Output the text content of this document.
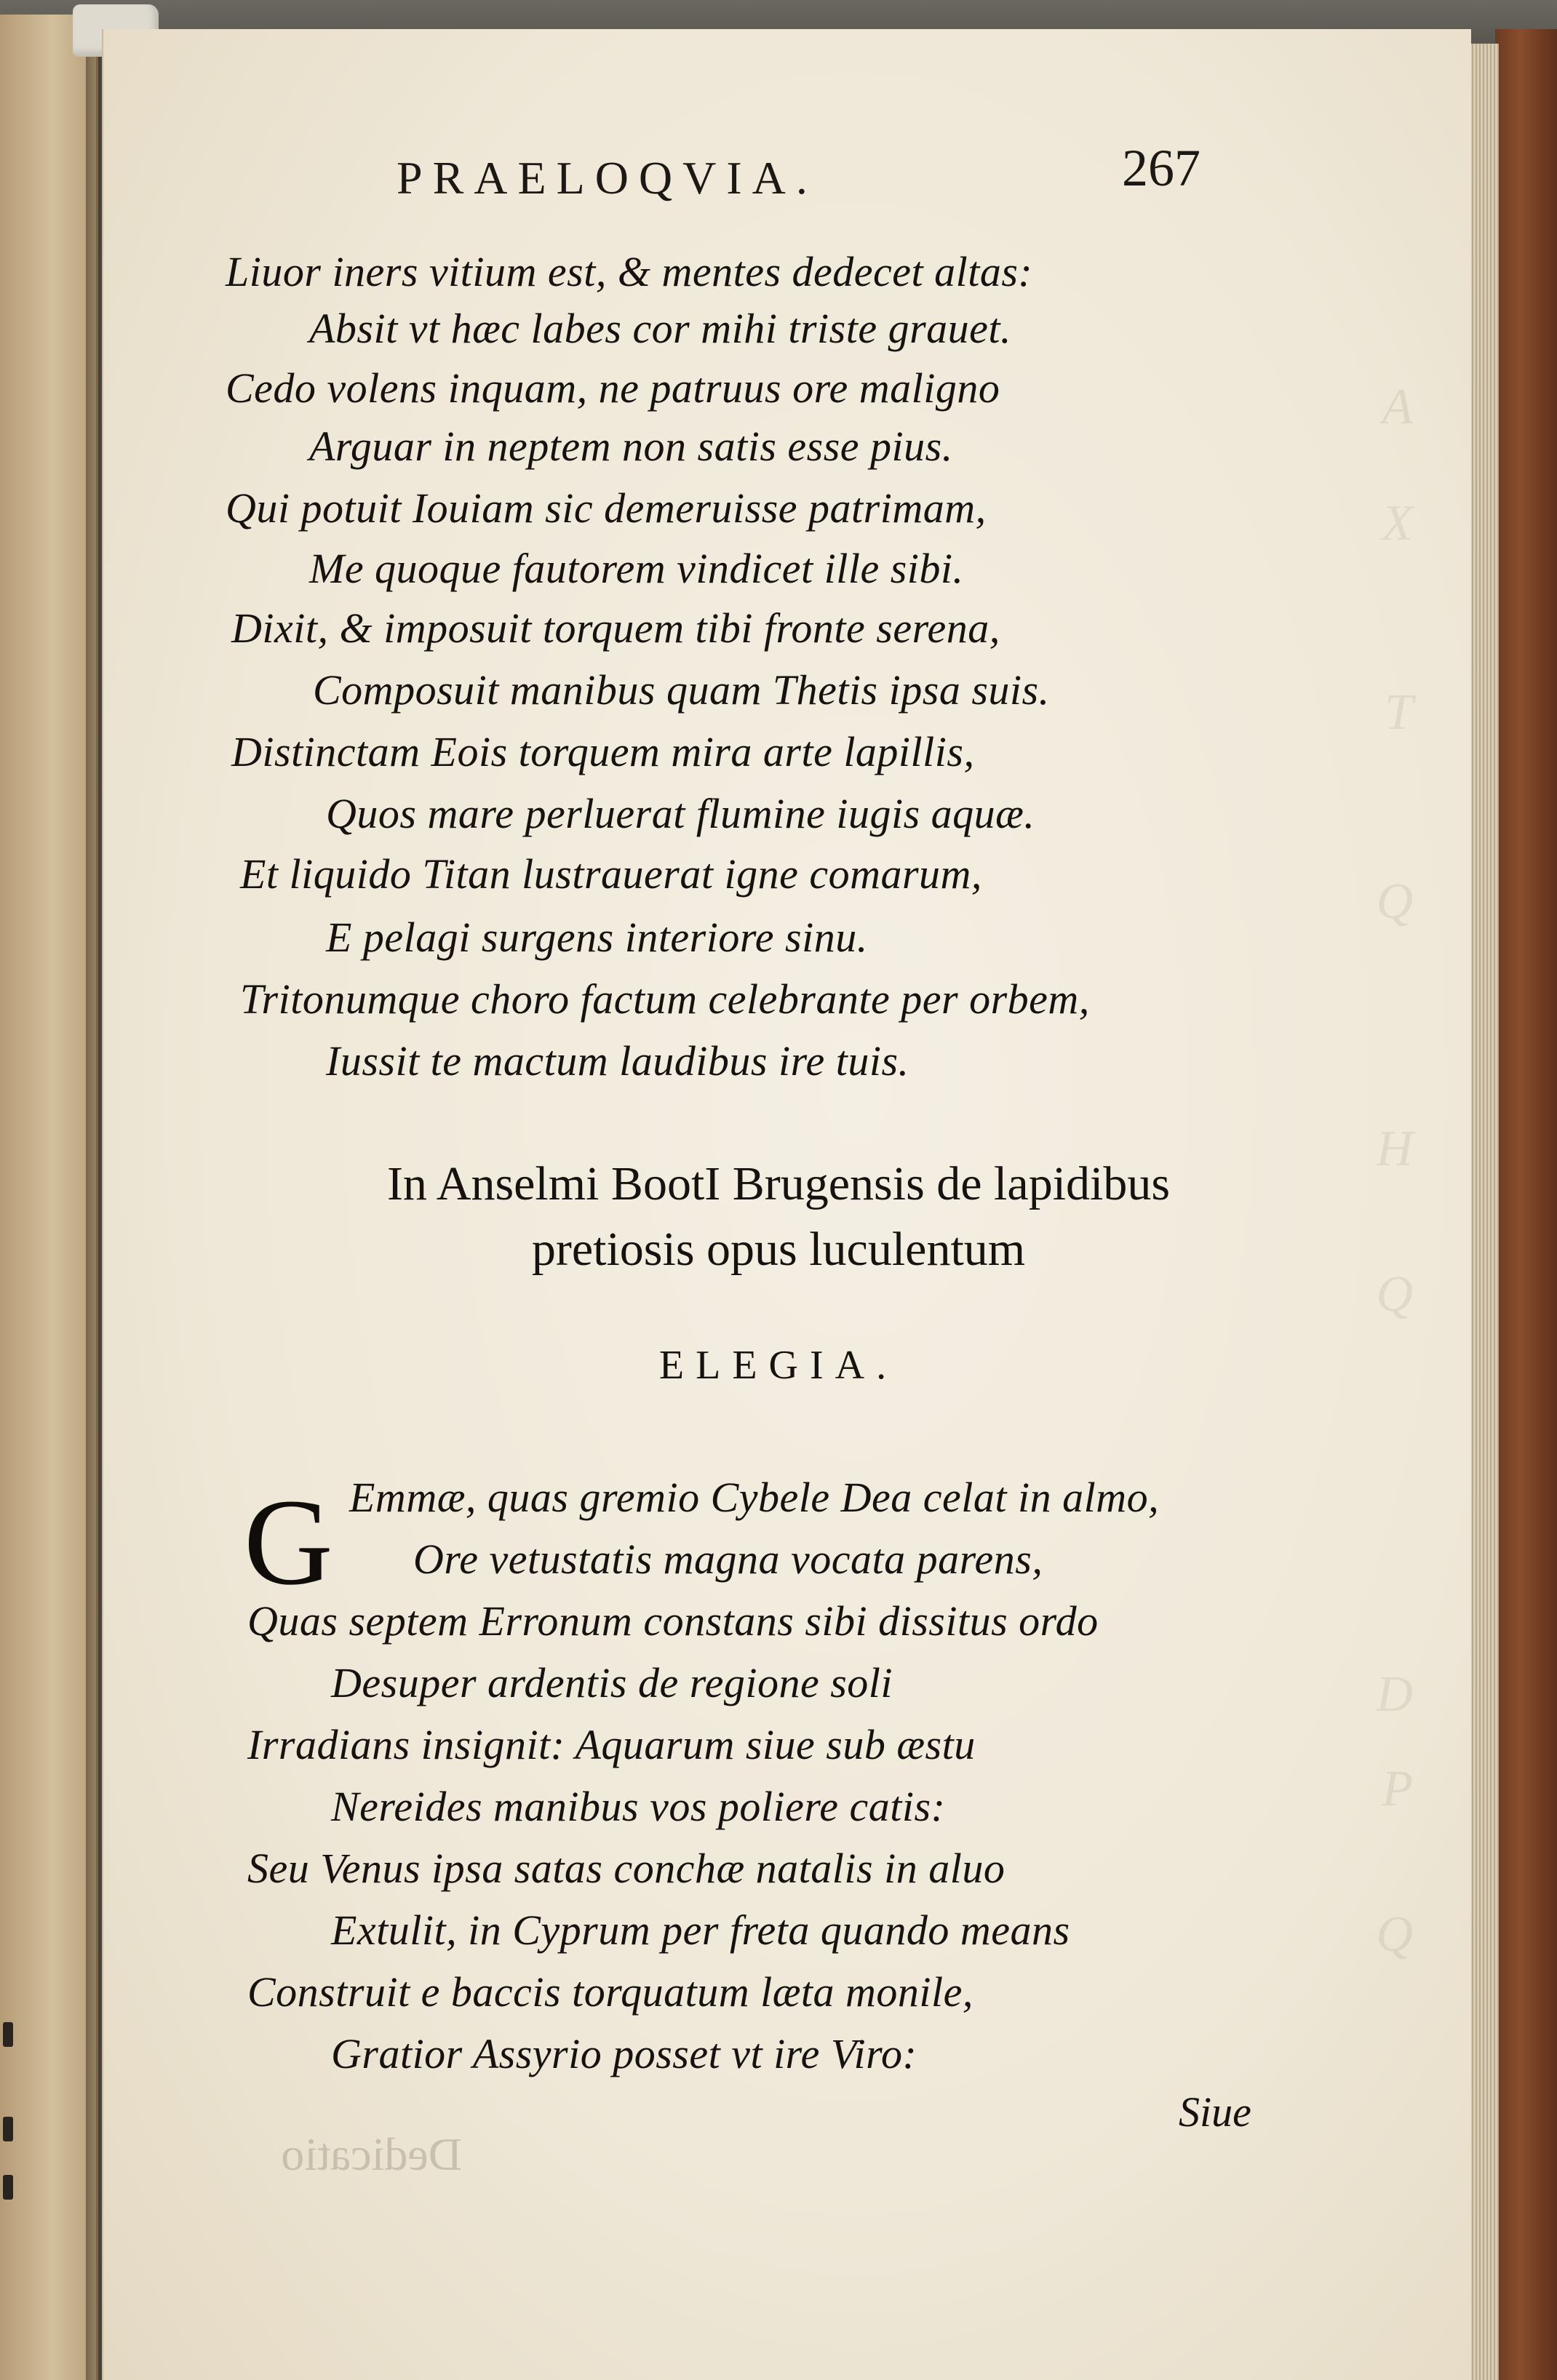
A
X
T
Q
H
Q
D
P
Q
PRAELOQVIA.	267
Liuor iners vitium est, & mentes dedecet altas:
Absit vt hæc labes cor mihi triste grauet.
Cedo volens inquam, ne patruus ore maligno
Arguar in neptem non satis esse pius.
Qui potuit Iouiam sic demeruisse patrimam,
Me quoque fautorem vindicet ille sibi.
Dixit, & imposuit torquem tibi fronte serena,
Composuit manibus quam Thetis ipsa suis.
Distinctam Eois torquem mira arte lapillis,
Quos mare perluerat flumine iugis aquæ.
Et liquido Titan lustrauerat igne comarum,
E pelagi surgens interiore sinu.
Tritonumque choro factum celebrante per orbem,
Iussit te mactum laudibus ire tuis.
In Anselmi BootI Brugensis de lapidibus
pretiosis opus luculentum
ELEGIA.
G Emmæ, quas gremio Cybele Dea celat in almo,
Ore vetustatis magna vocata parens,
Quas septem Erronum constans sibi dissitus ordo
Desuper ardentis de regione soli
Irradians insignit: Aquarum siue sub æstu
Nereides manibus vos poliere catis:
Seu Venus ipsa satas conchæ natalis in aluo
Extulit, in Cyprum per freta quando means
Construit e baccis torquatum læta monile,
Gratior Assyrio posset vt ire Viro:
Siue
Dedicatio
